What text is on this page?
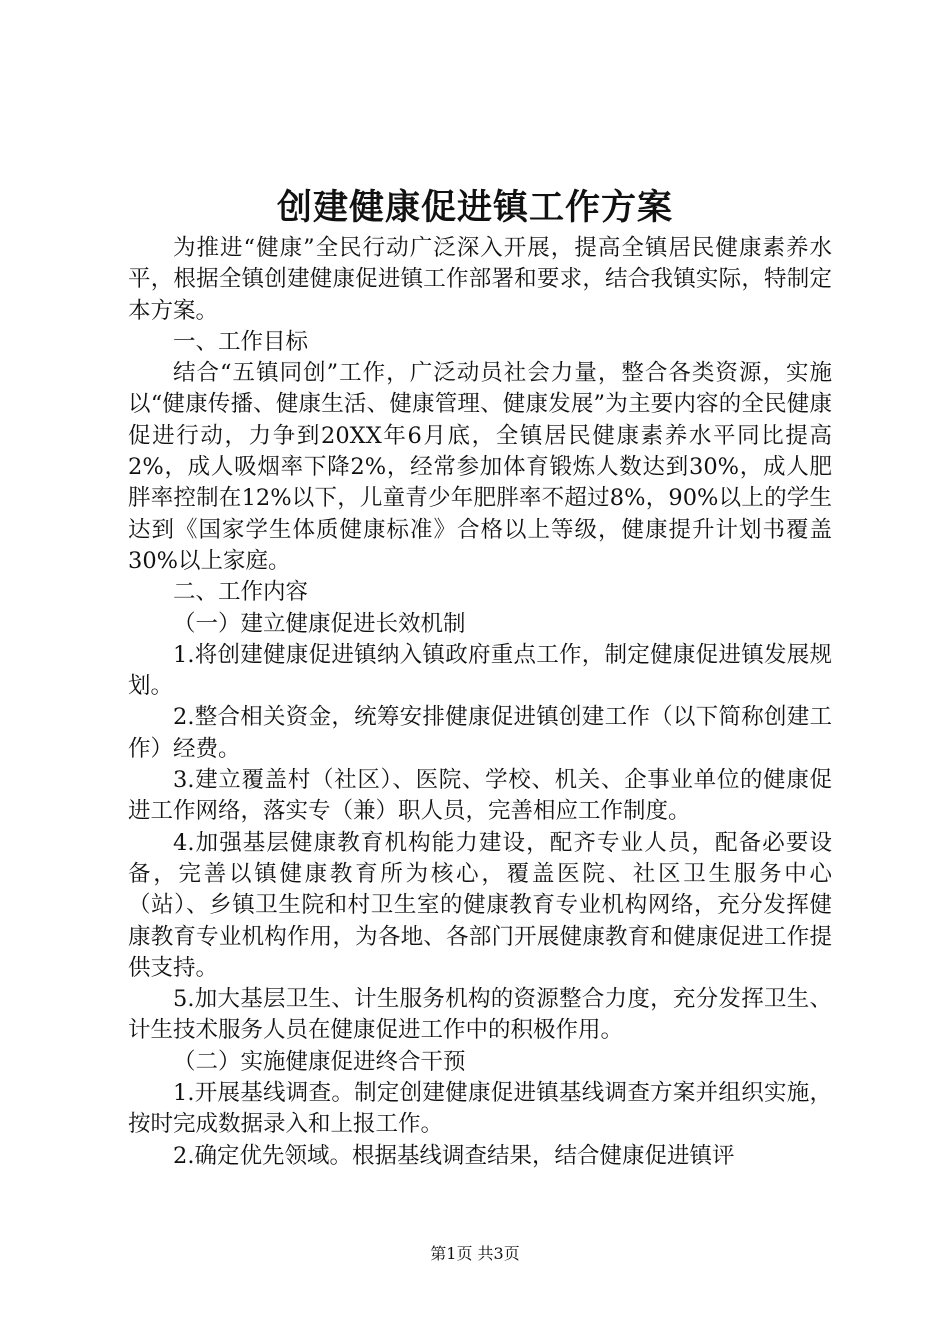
创建健康促进镇工作方案

为推进“健康”全民行动广泛深入开展，提高全镇居民健康素养水平，根据全镇创建健康促进镇工作部署和要求，结合我镇实际，特制定本方案。

一、工作目标

结合“五镇同创”工作，广泛动员社会力量，整合各类资源，实施以“健康传播、健康生活、健康管理、健康发展”为主要内容的全民健康促进行动，力争到20XX年6月底，全镇居民健康素养水平同比提高2%，成人吸烟率下降2%，经常参加体育锻炼人数达到30%，成人肥胖率控制在12%以下，儿童青少年肥胖率不超过8%，90%以上的学生达到《国家学生体质健康标准》合格以上等级，健康提升计划书覆盖30%以上家庭。

二、工作内容

（一）建立健康促进长效机制

1.将创建健康促进镇纳入镇政府重点工作，制定健康促进镇发展规划。

2.整合相关资金，统筹安排健康促进镇创建工作（以下简称创建工作）经费。

3.建立覆盖村（社区）、医院、学校、机关、企事业单位的健康促进工作网络，落实专（兼）职人员，完善相应工作制度。

4.加强基层健康教育机构能力建设，配齐专业人员，配备必要设备，完善以镇健康教育所为核心，覆盖医院、社区卫生服务中心（站）、乡镇卫生院和村卫生室的健康教育专业机构网络，充分发挥健康教育专业机构作用，为各地、各部门开展健康教育和健康促进工作提供支持。

5.加大基层卫生、计生服务机构的资源整合力度，充分发挥卫生、计生技术服务人员在健康促进工作中的积极作用。

（二）实施健康促进终合干预

1.开展基线调查。制定创建健康促进镇基线调查方案并组织实施，按时完成数据录入和上报工作。

2.确定优先领域。根据基线调查结果，结合健康促进镇评

第1页 共3页
